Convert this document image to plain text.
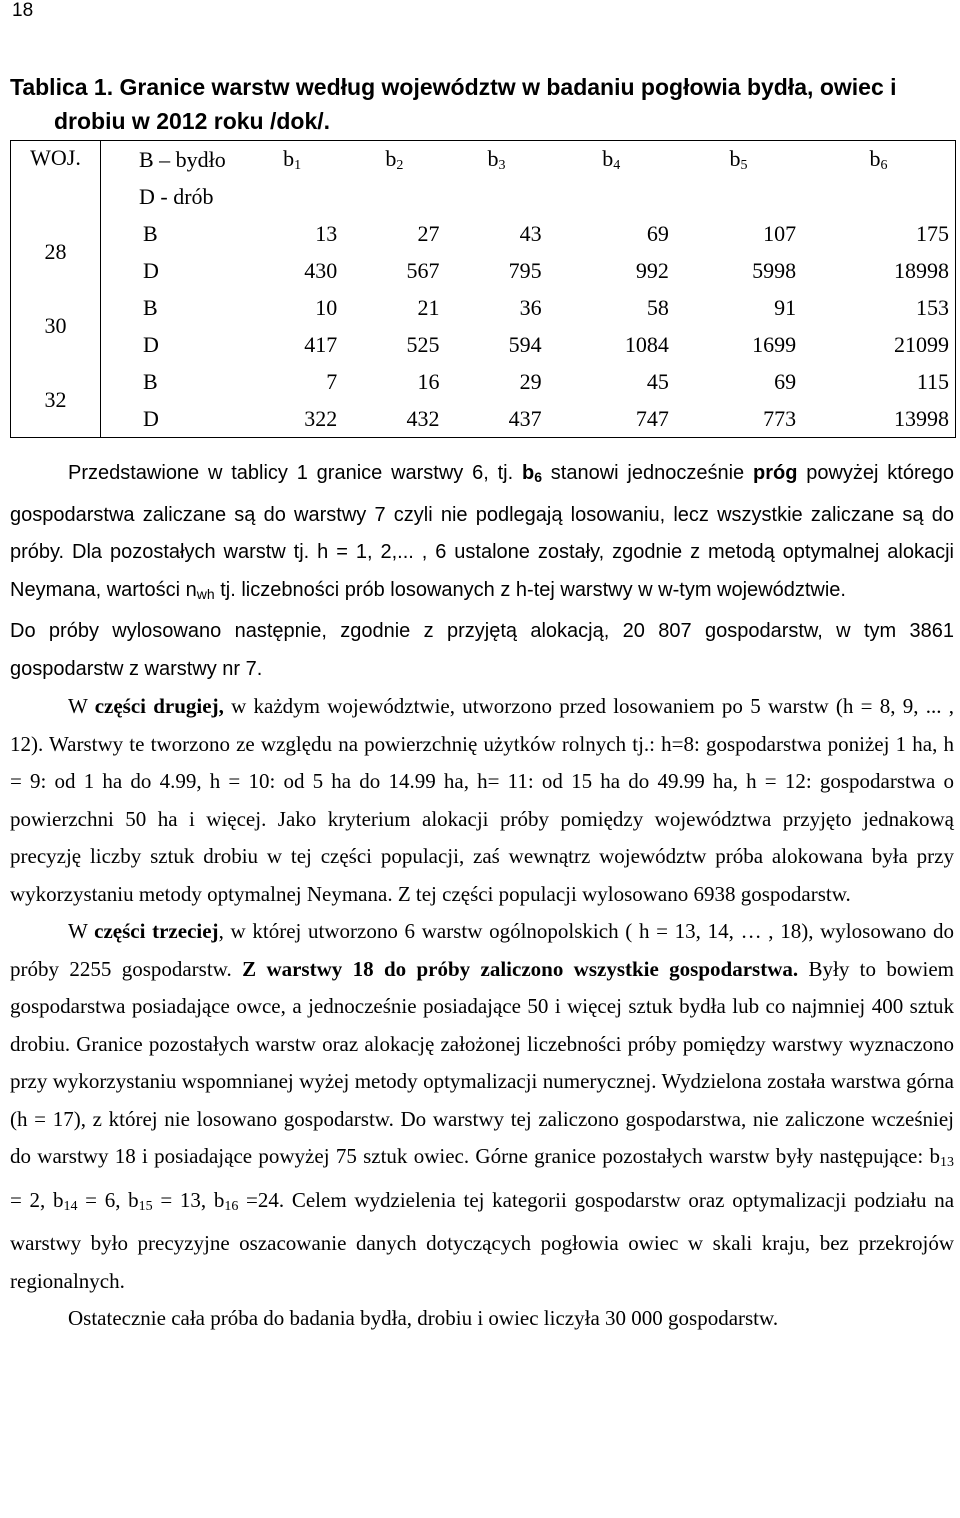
18
Tablica 1. Granice warstw według województw w badaniu pogłowia bydła, owiec i
drobiu w 2012 roku /dok/.
WOJ.	B – bydło	$b_1$	$b_2$	$b_3$	$b_4$	$b_5$	$b_6$
	D - drób						
28	B	13	27	43	69	107	175
	D	430	567	795	992	5998	18998
30	B	10	21	36	58	91	153
	D	417	525	594	1084	1699	21099
32	B	7	16	29	45	69	115
	D	322	432	437	747	773	13998

Przedstawione w tablicy 1 granice warstwy 6, tj. $b_6$ stanowi jednocześnie próg powyżej którego gospodarstwa zaliczane są do warstwy 7 czyli nie podlegają losowaniu, lecz wszystkie zaliczane są do próby. Dla pozostałych warstw tj. h = 1, 2,... , 6 ustalone zostały, zgodnie z metodą optymalnej alokacji Neymana, wartości $n_{wh}$ tj. liczebności prób losowanych z h-tej warstwy w w-tym województwie.

Do próby wylosowano następnie, zgodnie z przyjętą alokacją, 20 807 gospodarstw, w tym 3861 gospodarstw z warstwy nr 7.

W części drugiej, w każdym województwie, utworzono przed losowaniem po 5 warstw (h = 8, 9, ... , 12). Warstwy te tworzono ze względu na powierzchnię użytków rolnych tj.: h=8: gospodarstwa poniżej 1 ha, h = 9: od 1 ha do 4.99, h = 10: od 5 ha do 14.99 ha, h= 11: od 15 ha do 49.99 ha, h = 12: gospodarstwa o powierzchni 50 ha i więcej. Jako kryterium alokacji próby pomiędzy województwa przyjęto jednakową precyzję liczby sztuk drobiu w tej części populacji, zaś wewnątrz województw próba alokowana była przy wykorzystaniu metody optymalnej Neymana. Z tej części populacji wylosowano 6938 gospodarstw.

W części trzeciej, w której utworzono 6 warstw ogólnopolskich ( h = 13, 14, … , 18), wylosowano do próby 2255 gospodarstw. Z warstwy 18 do próby zaliczono wszystkie gospodarstwa. Były to bowiem gospodarstwa posiadające owce, a jednocześnie posiadające 50 i więcej sztuk bydła lub co najmniej 400 sztuk drobiu. Granice pozostałych warstw oraz alokację założonej liczebności próby pomiędzy warstwy wyznaczono przy wykorzystaniu wspomnianej wyżej metody optymalizacji numerycznej. Wydzielona została warstwa górna (h = 17), z której nie losowano gospodarstw. Do warstwy tej zaliczono gospodarstwa, nie zaliczone wcześniej do warstwy 18 i posiadające powyżej 75 sztuk owiec. Górne granice pozostałych warstw były następujące: $b_{13} = 2$, $b_{14} = 6$, $b_{15} = 13$, $b_{16} =24$. Celem wydzielenia tej kategorii gospodarstw oraz optymalizacji podziału na warstwy było precyzyjne oszacowanie danych dotyczących pogłowia owiec w skali kraju, bez przekrojów regionalnych.

Ostatecznie cała próba do badania bydła, drobiu i owiec liczyła 30 000 gospodarstw.
